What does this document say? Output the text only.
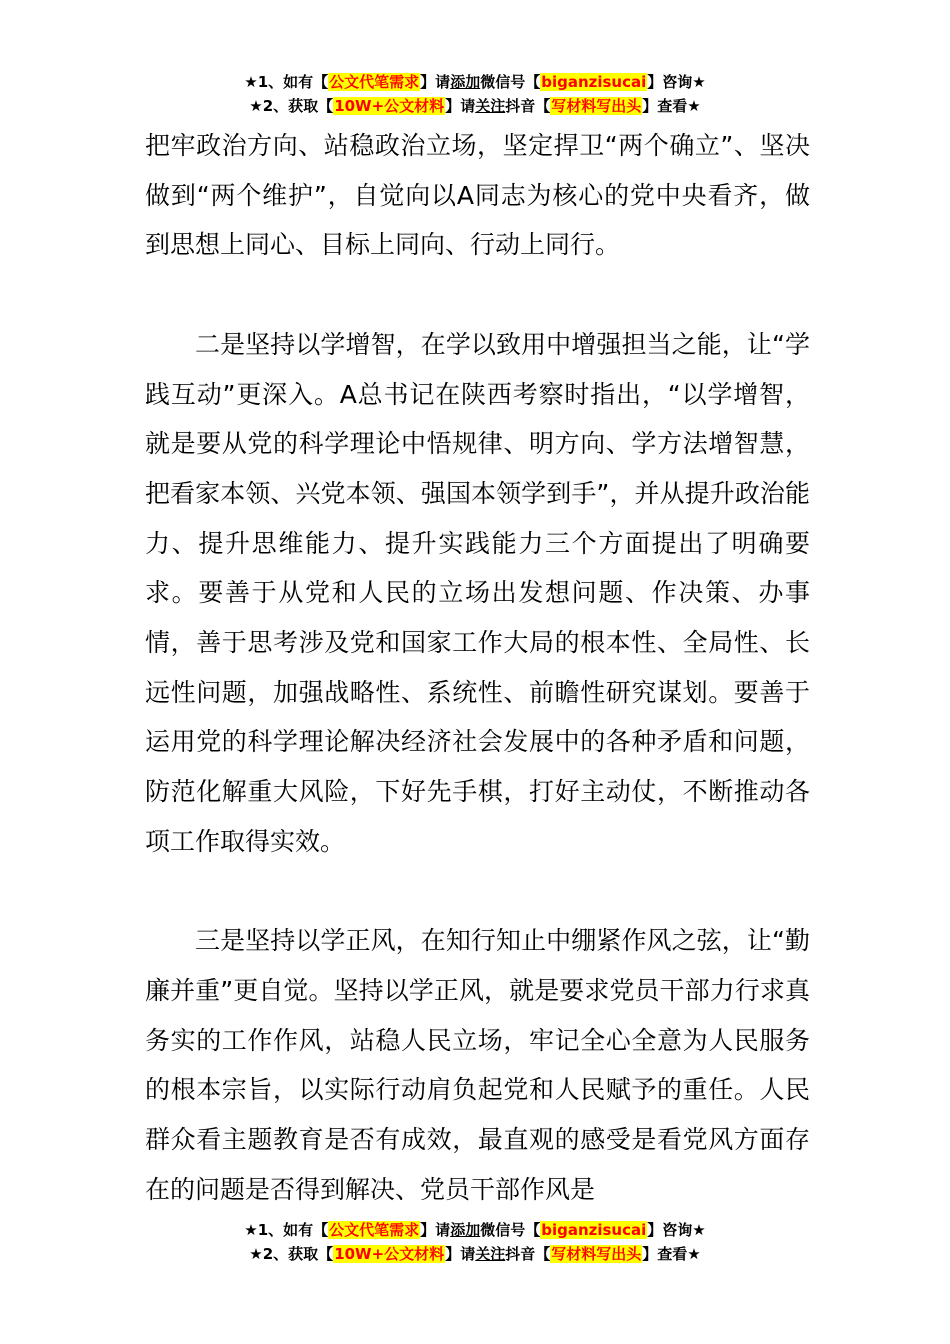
★1、如有【公文代笔需求】请添加微信号【biganzisucai】咨询★
★2、获取【10W+公文材料】请关注抖音【写材料写出头】查看★

把牢政治方向、站稳政治立场，坚定捍卫“两个确立”、坚决做到“两个维护”，自觉向以A同志为核心的党中央看齐，做到思想上同心、目标上同向、行动上同行。

二是坚持以学增智，在学以致用中增强担当之能，让“学践互动”更深入。A总书记在陕西考察时指出，“以学增智，就是要从党的科学理论中悟规律、明方向、学方法增智慧，把看家本领、兴党本领、强国本领学到手”，并从提升政治能力、提升思维能力、提升实践能力三个方面提出了明确要求。要善于从党和人民的立场出发想问题、作决策、办事情，善于思考涉及党和国家工作大局的根本性、全局性、长远性问题，加强战略性、系统性、前瞻性研究谋划。要善于运用党的科学理论解决经济社会发展中的各种矛盾和问题，防范化解重大风险，下好先手棋，打好主动仗，不断推动各项工作取得实效。

三是坚持以学正风，在知行知止中绷紧作风之弦，让“勤廉并重”更自觉。坚持以学正风，就是要求党员干部力行求真务实的工作作风，站稳人民立场，牢记全心全意为人民服务的根本宗旨，以实际行动肩负起党和人民赋予的重任。人民群众看主题教育是否有成效，最直观的感受是看党风方面存在的问题是否得到解决、党员干部作风是

★1、如有【公文代笔需求】请添加微信号【biganzisucai】咨询★
★2、获取【10W+公文材料】请关注抖音【写材料写出头】查看★
